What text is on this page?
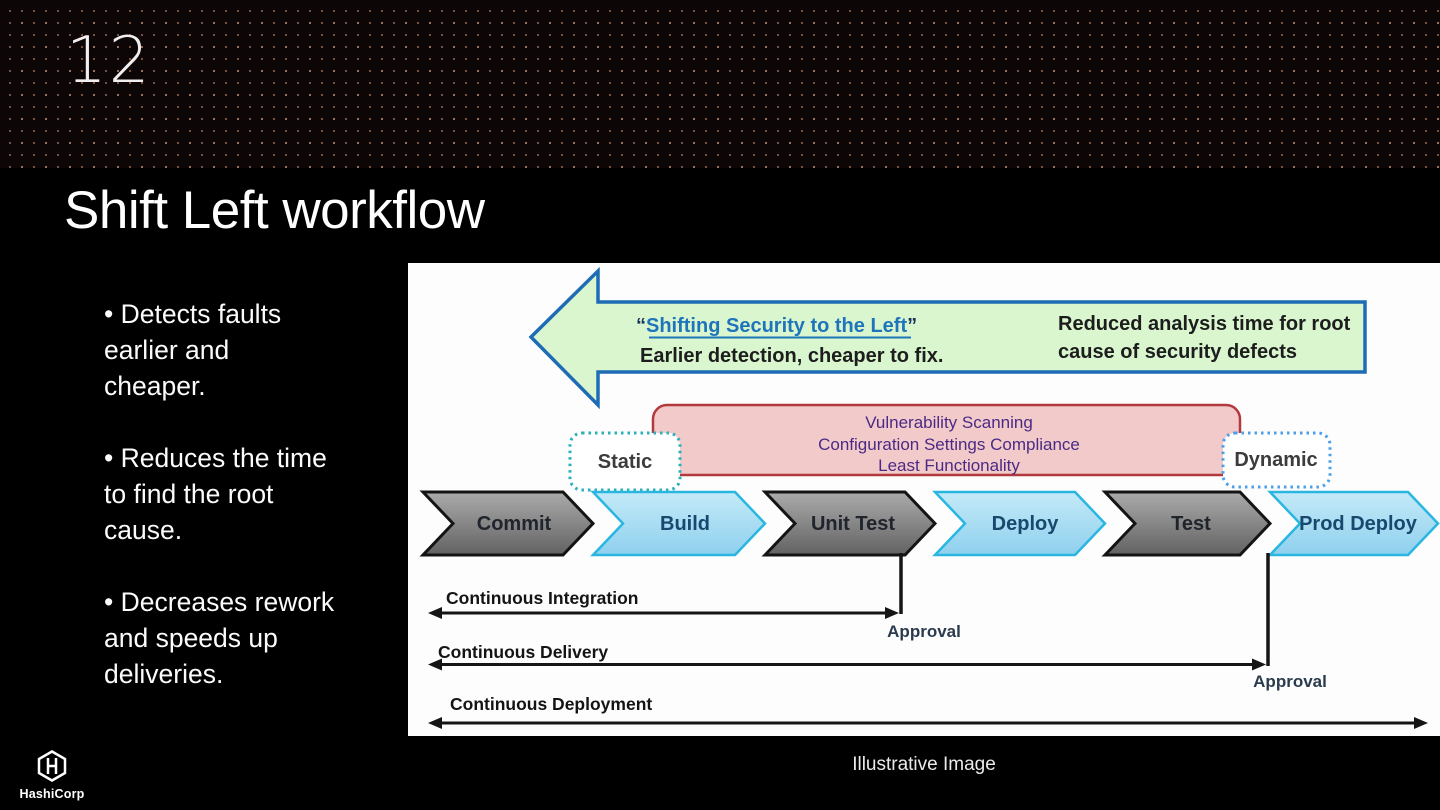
12
Shift Left workflow

• Detects faults earlier and cheaper.

• Reduces the time to find the root cause.

• Decreases rework and speeds up deliveries.

“Shifting Security to the Left”
Earlier detection, cheaper to fix.
Reduced analysis time for root
cause of security defects
Vulnerability Scanning
Configuration Settings Compliance
Least Functionality
Static	Dynamic
Commit	Build	Unit Test	Deploy	Test	Prod Deploy
Continuous Integration
Approval
Continuous Delivery
Approval
Continuous Deployment
Illustrative Image
HashiCorp
